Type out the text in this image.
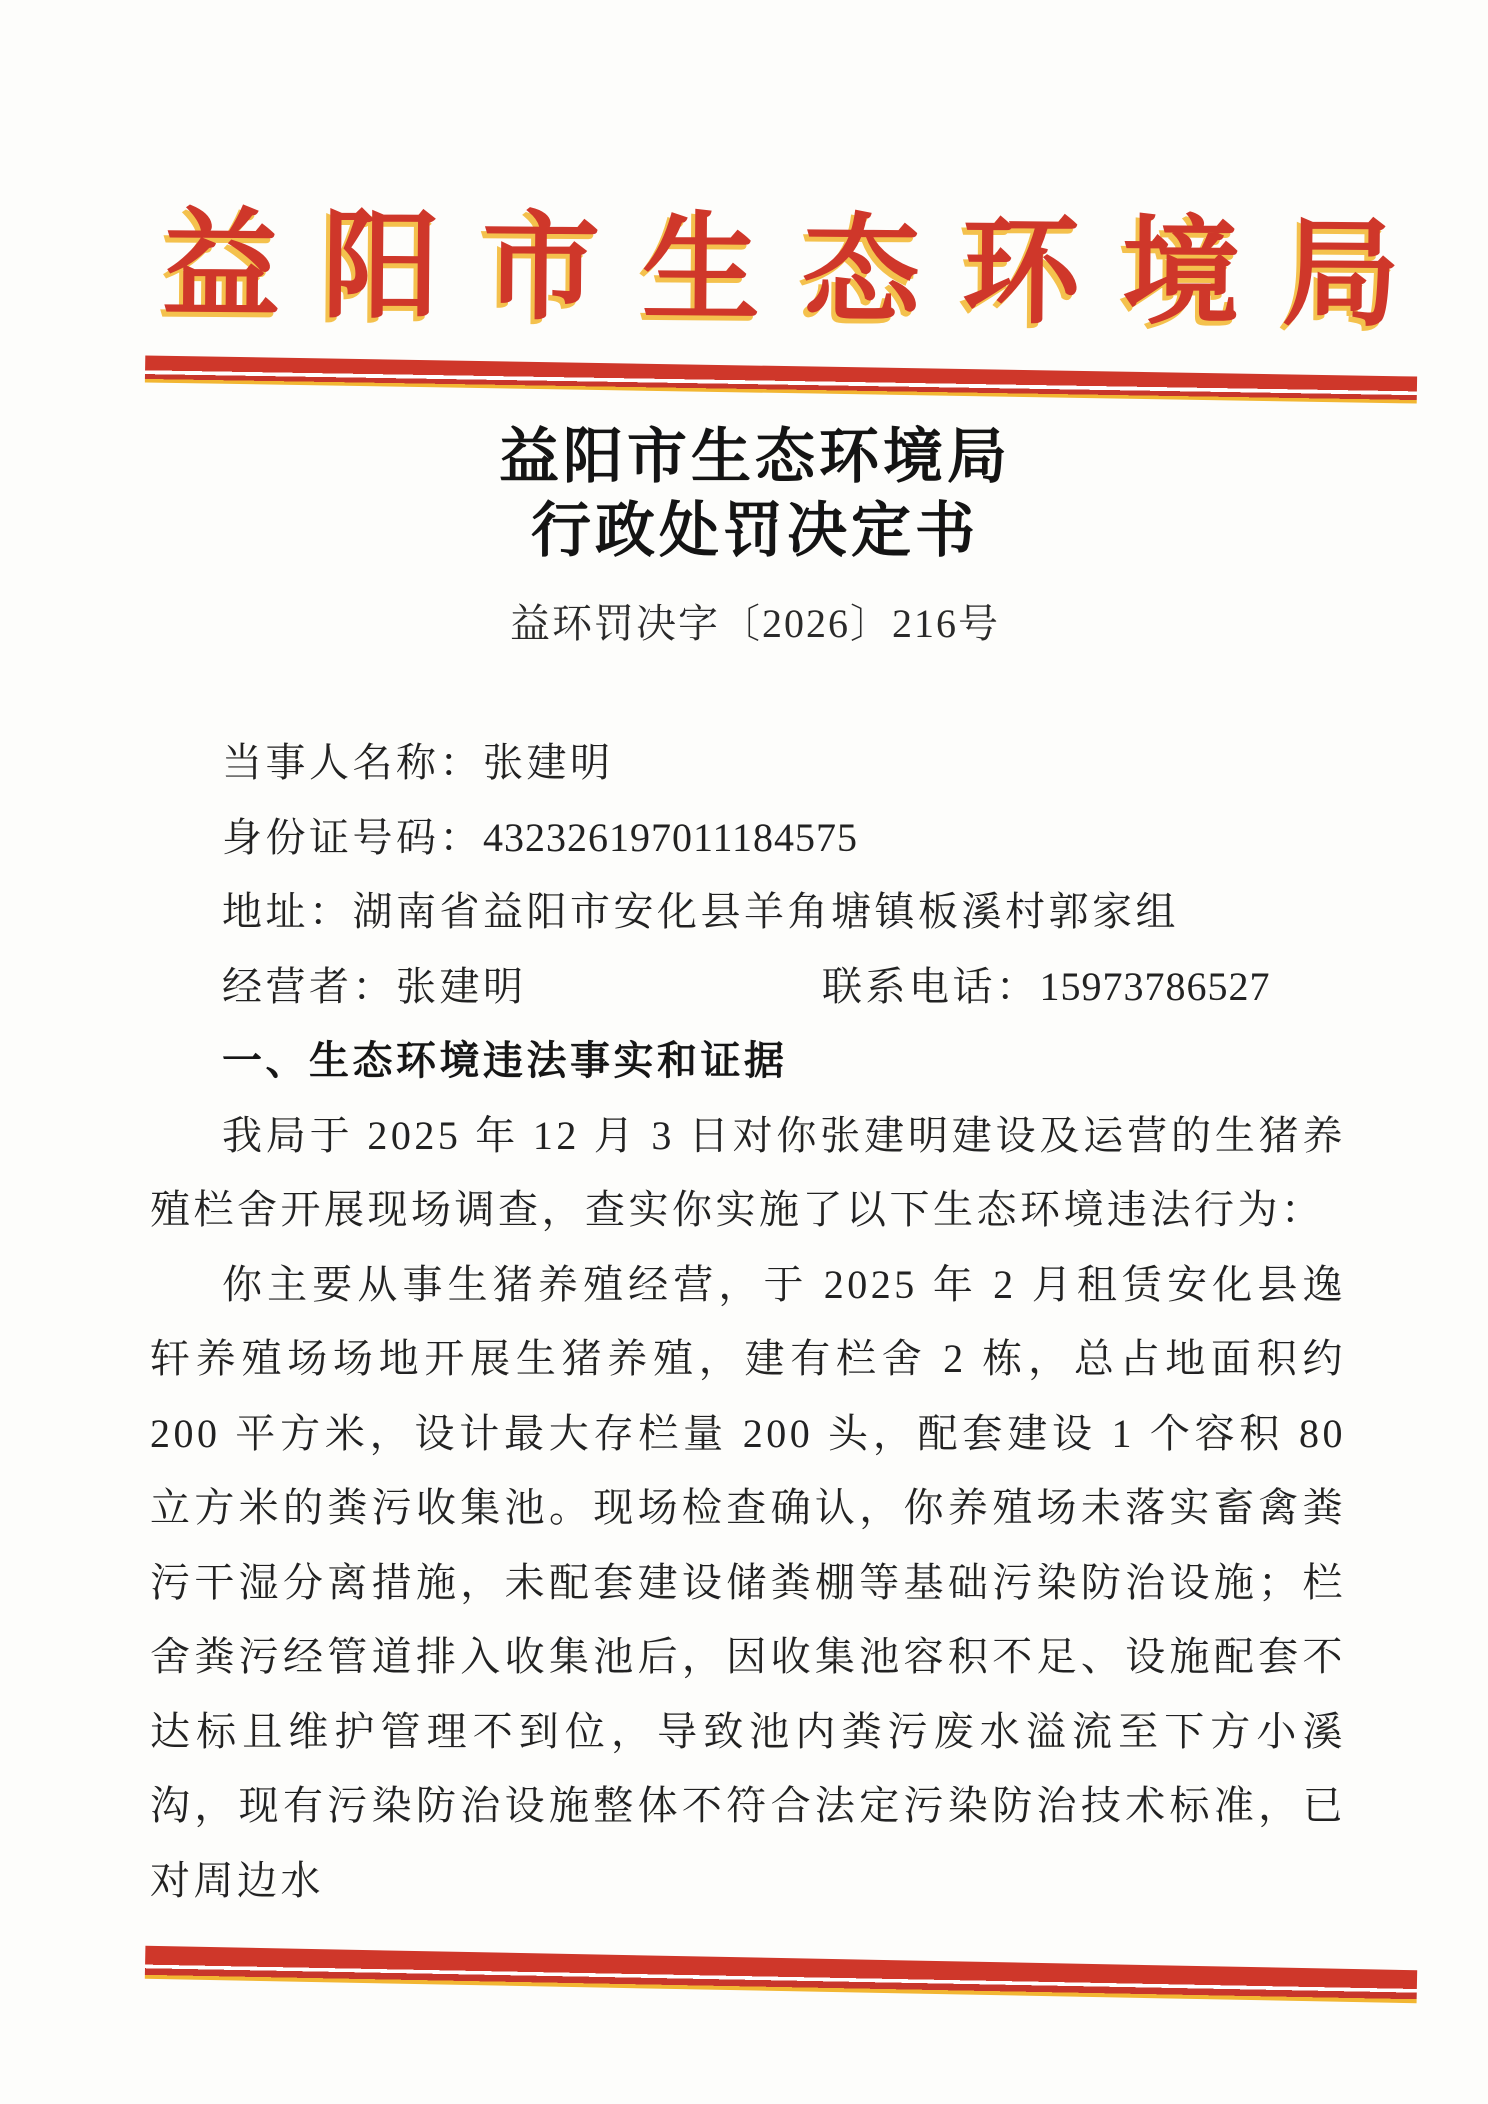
益阳市生态环境局
益阳市生态环境局
行政处罚决定书
益环罚决字〔2026〕216号

当事人名称：张建明

身份证号码：432326197011184575

地址：湖南省益阳市安化县羊角塘镇板溪村郭家组

经营者：张建明	联系电话：15973786527

一、生态环境违法事实和证据

我局于 2025 年 12 月 3 日对你张建明建设及运营的生猪养殖栏舍开展现场调查，查实你实施了以下生态环境违法行为：

你主要从事生猪养殖经营，于 2025 年 2 月租赁安化县逸轩养殖场场地开展生猪养殖，建有栏舍 2 栋，总占地面积约 200 平方米，设计最大存栏量 200 头，配套建设 1 个容积 80 立方米的粪污收集池。现场检查确认，你养殖场未落实畜禽粪污干湿分离措施，未配套建设储粪棚等基础污染防治设施；栏舍粪污经管道排入收集池后，因收集池容积不足、设施配套不达标且维护管理不到位，导致池内粪污废水溢流至下方小溪沟，现有污染防治设施整体不符合法定污染防治技术标准，已对周边水
